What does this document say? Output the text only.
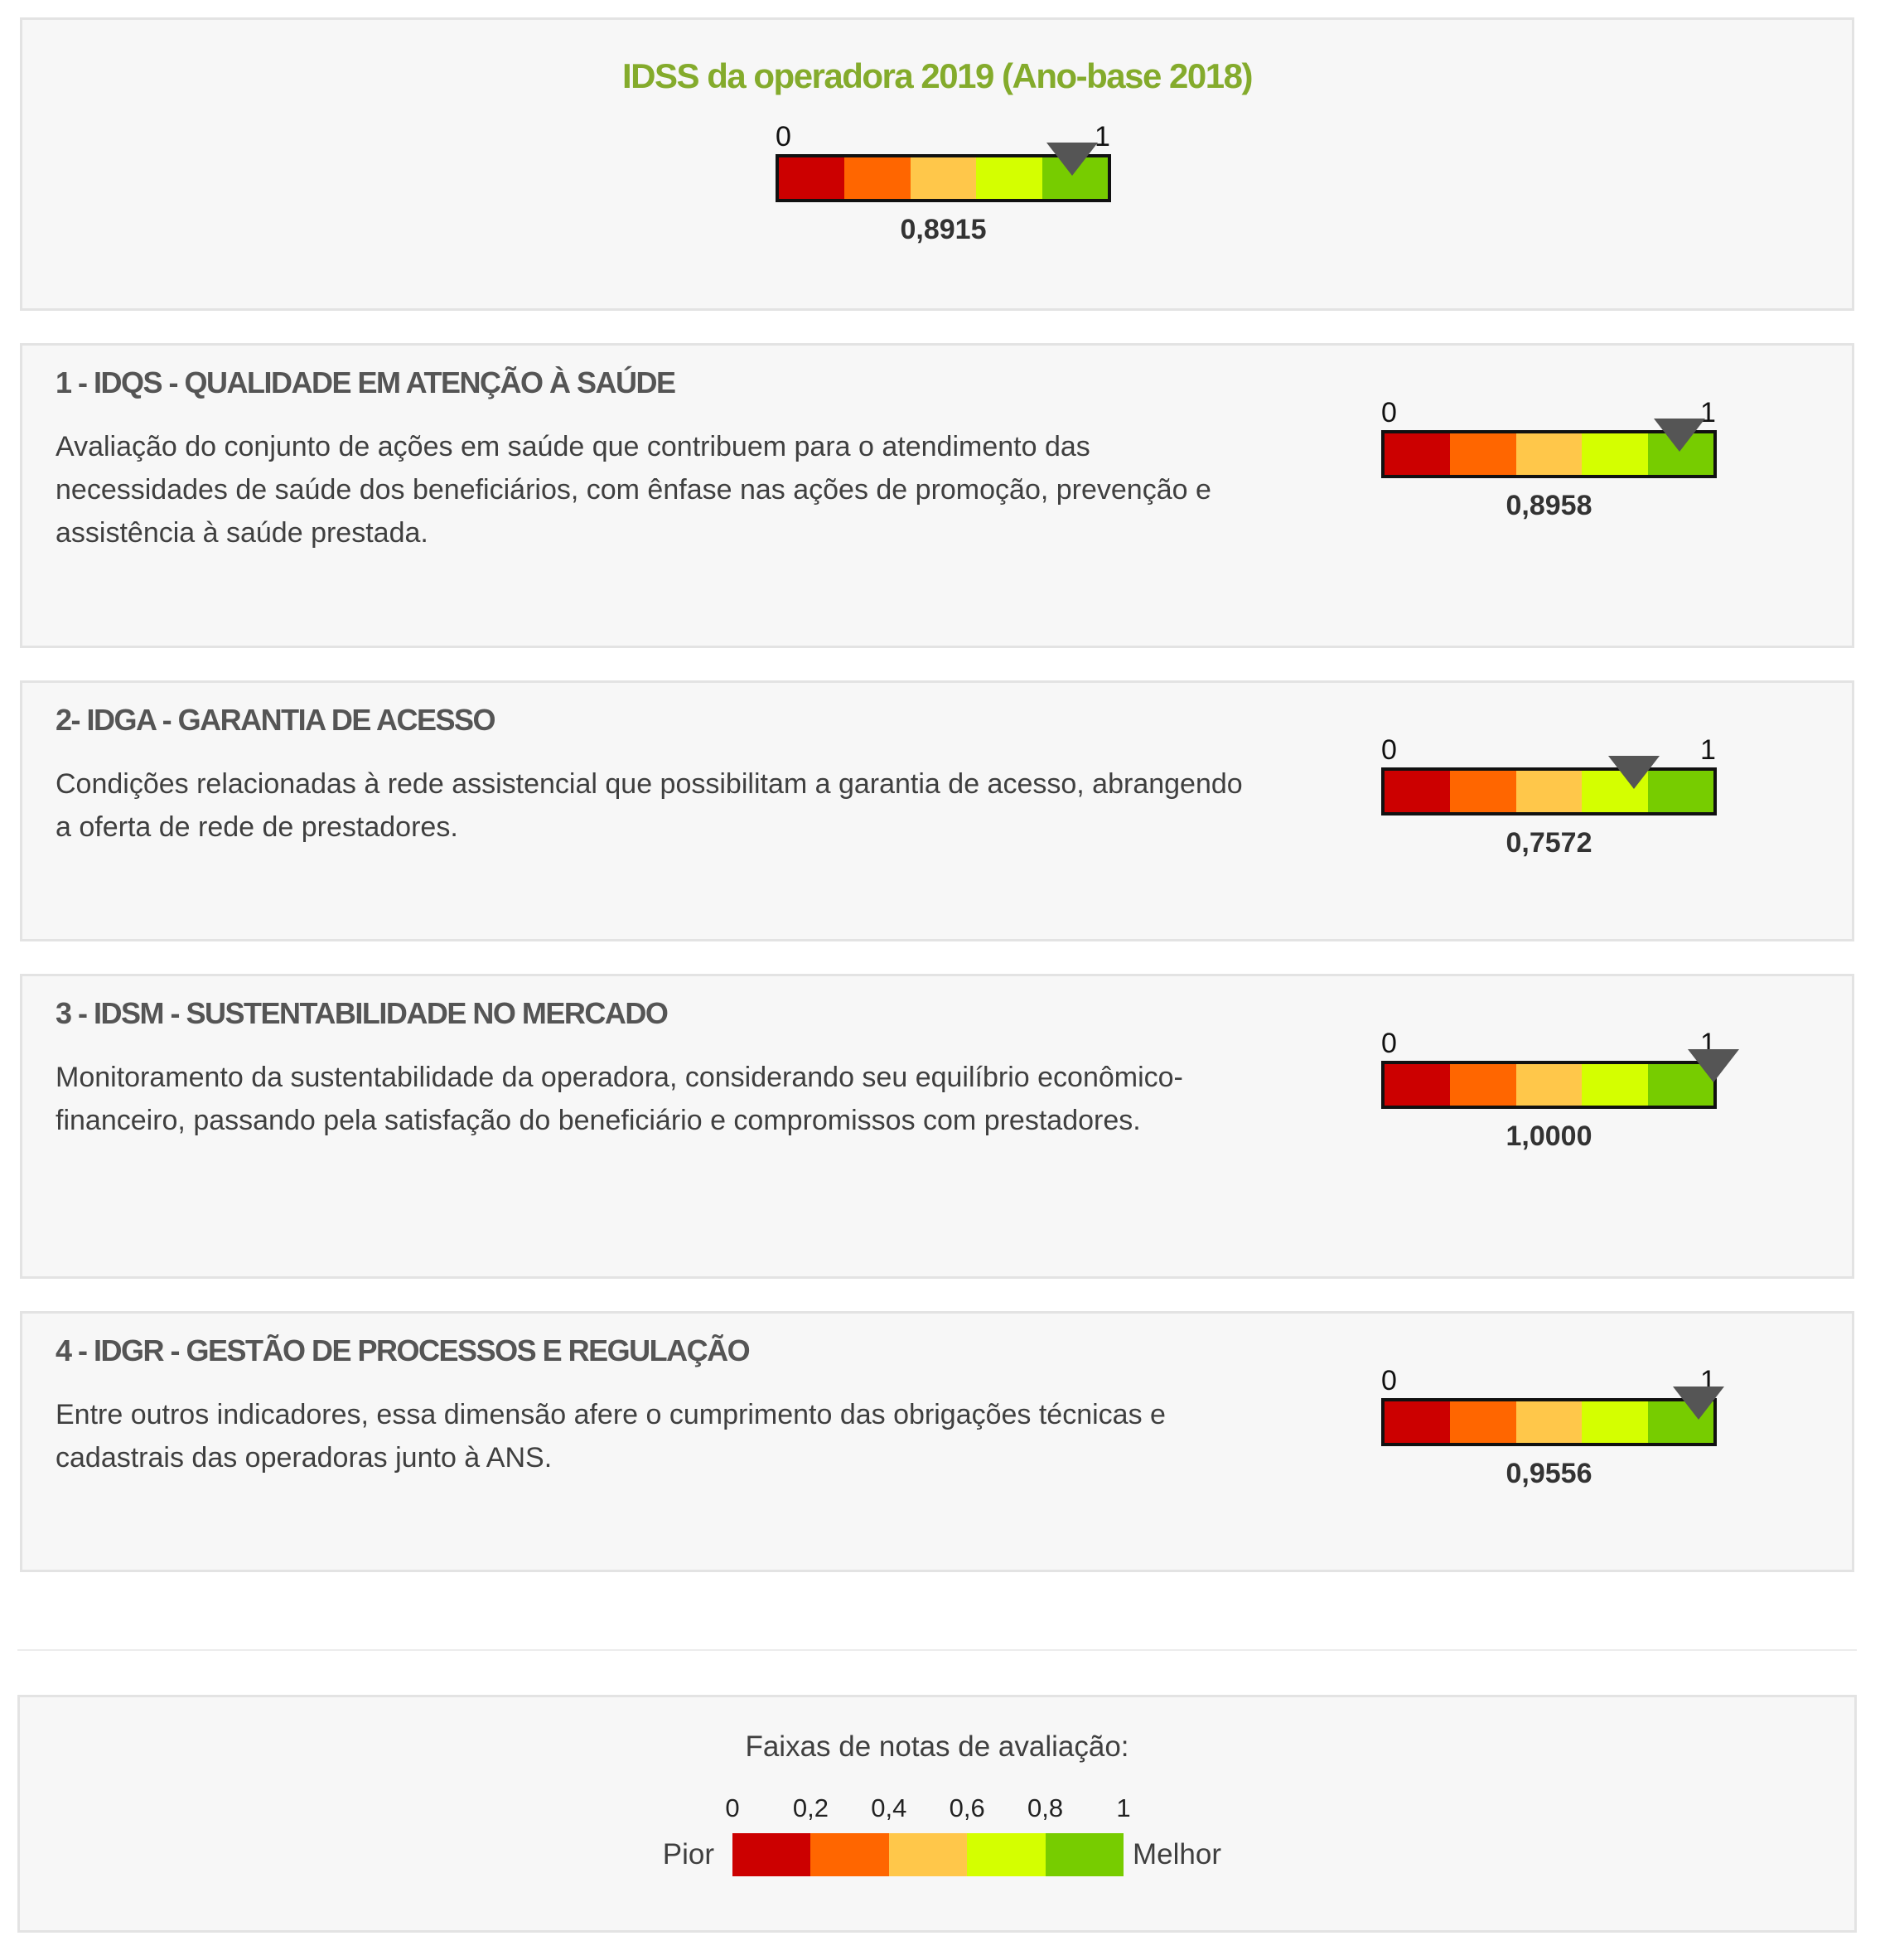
IDSS da operadora 2019 (Ano-base 2018)
0	1
0,8915
1 - IDQS - QUALIDADE EM ATENÇÃO À SAÚDE
Avaliação do conjunto de ações em saúde que contribuem para o atendimento das necessidades de saúde dos beneficiários, com ênfase nas ações de promoção, prevenção e assistência à saúde prestada.
0	1
0,8958
2- IDGA - GARANTIA DE ACESSO
Condições relacionadas à rede assistencial que possibilitam a garantia de acesso, abrangendo a oferta de rede de prestadores.
0	1
0,7572
3 - IDSM - SUSTENTABILIDADE NO MERCADO
Monitoramento da sustentabilidade da operadora, considerando seu equilíbrio econômico-financeiro, passando pela satisfação do beneficiário e compromissos com prestadores.
0	1
1,0000
4 - IDGR - GESTÃO DE PROCESSOS E REGULAÇÃO
Entre outros indicadores, essa dimensão afere o cumprimento das obrigações técnicas e cadastrais das operadoras junto à ANS.
0	1
0,9556
Faixas de notas de avaliação:
0 0,2 0,4 0,6 0,8 1
Pior	Melhor
